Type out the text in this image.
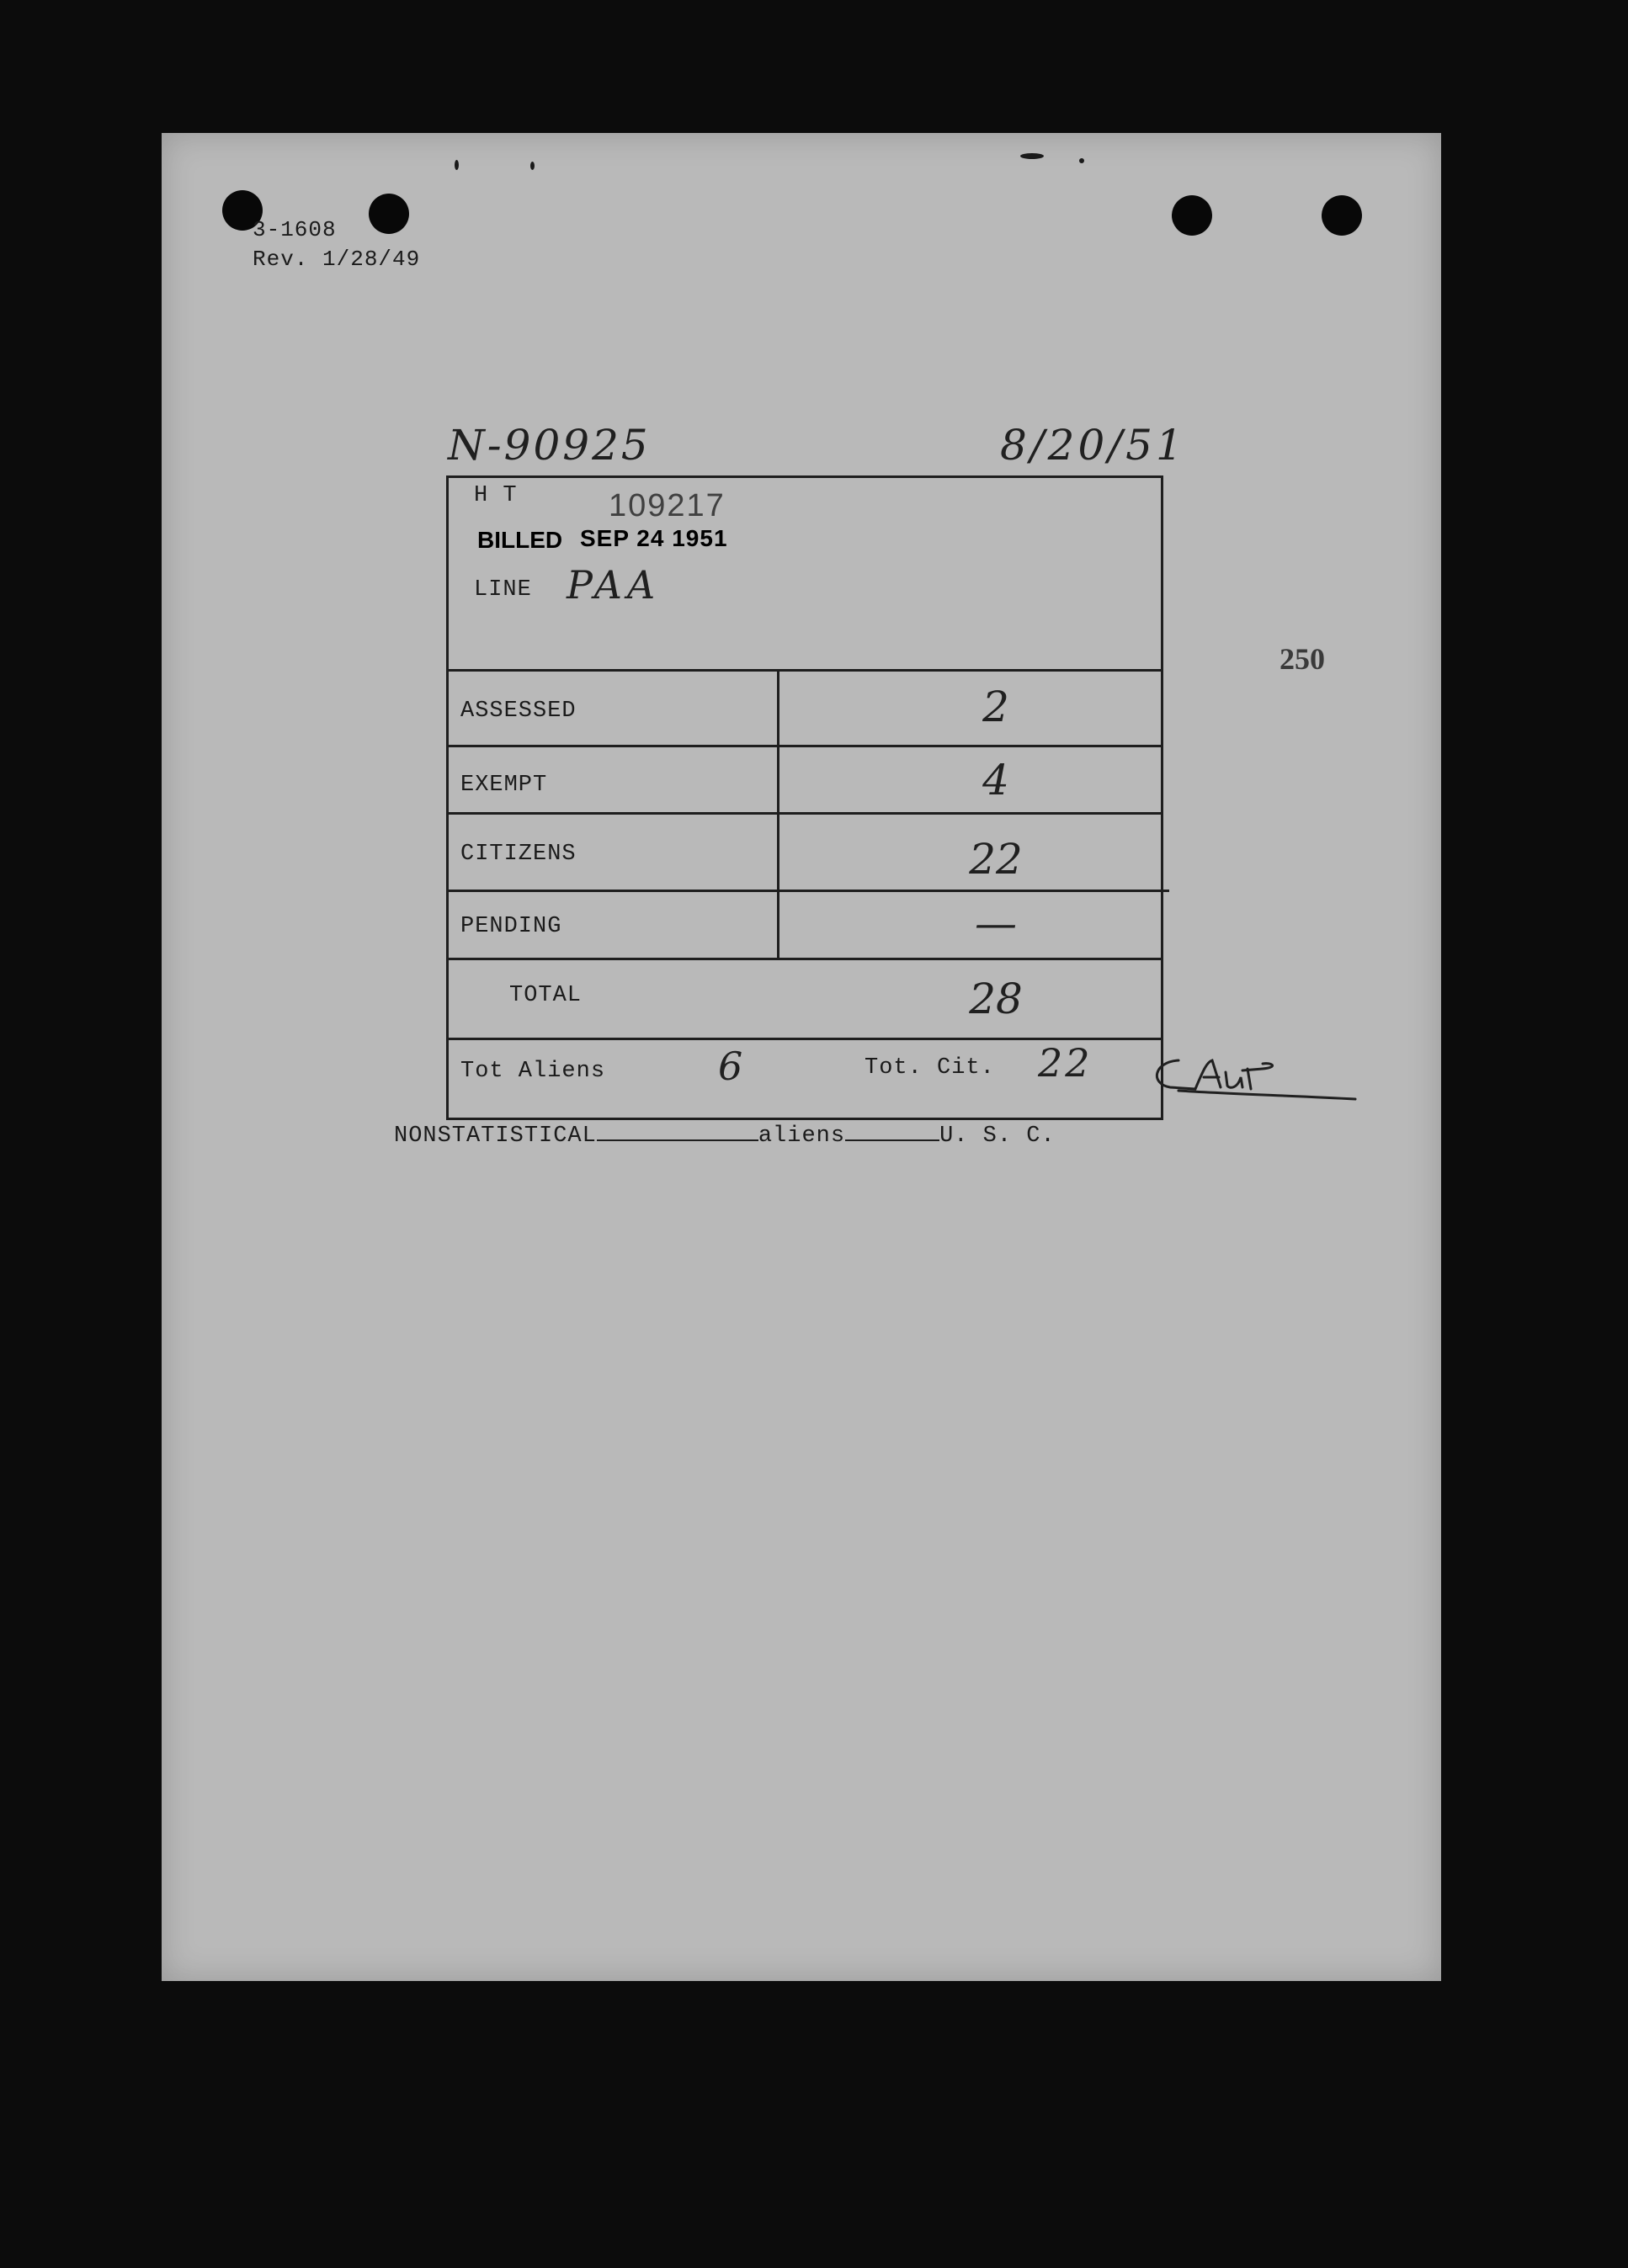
3-1608
Rev. 1/28/49
N-90925	8/20/51
250
H T	109217
BILLED SEP 24 1951
LINE PAA
ASSESSED	2
EXEMPT	4
CITIZENS	22
PENDING	—
TOTAL	28
Tot Aliens	6	Tot. Cit. 22
NONSTATISTICAL	aliens	U. S. C.
